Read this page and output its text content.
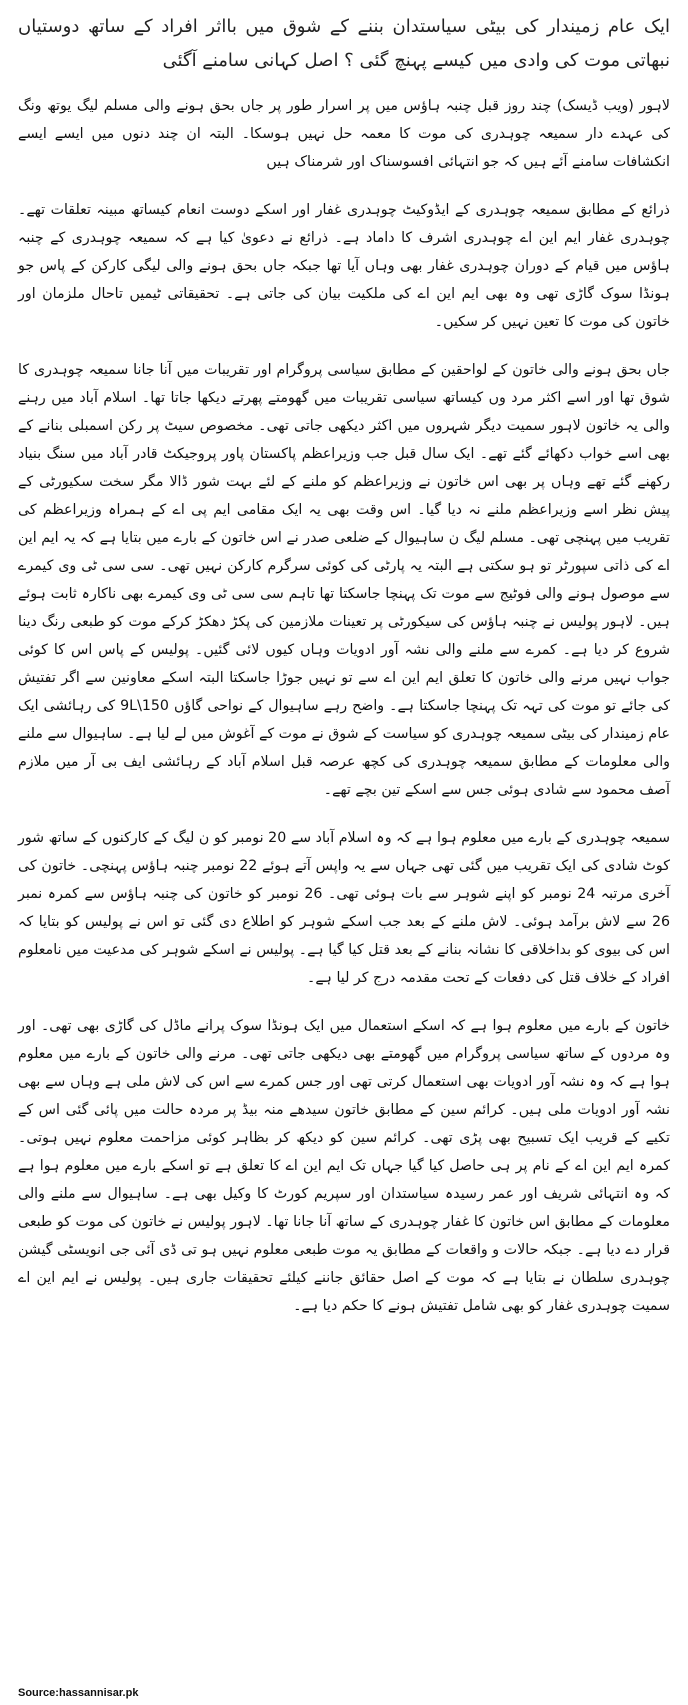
ایک عام زمیندار کی بیٹی سیاستدان بننے کے شوق میں بااثر افراد کے ساتھ دوستیاں نبھاتی موت کی وادی میں کیسے پہنچ گئی ؟ اصل کہانی سامنے آگئی

لاہور (ویب ڈیسک) چند روز قبل چنبہ ہاؤس میں پر اسرار طور پر جاں بحق ہونے والی مسلم لیگ یوتھ ونگ کی عہدے دار سمیعہ چوہدری کی موت کا معمہ حل نہیں ہوسکا۔ البتہ ان چند دنوں میں ایسے ایسے انکشافات سامنے آئے ہیں کہ جو انتہائی افسوسناک اور شرمناک ہیں

ذرائع کے مطابق سمیعہ چوہدری کے ایڈوکیٹ چوہدری غفار اور اسکے دوست انعام کیساتھ مبینہ تعلقات تھے۔ چوہدری غفار ایم این اے چوہدری اشرف کا داماد ہے۔ ذرائع نے دعویٰ کیا ہے کہ سمیعہ چوہدری کے چنبہ ہاؤس میں قیام کے دوران چوہدری غفار بھی وہاں آیا تھا جبکہ جاں بحق ہونے والی لیگی کارکن کے پاس جو ہونڈا سوک گاڑی تھی وہ بھی ایم این اے کی ملکیت بیان کی جاتی ہے۔ تحقیقاتی ٹیمیں تاحال ملزمان اور خاتون کی موت کا تعین نہیں کر سکیں۔

جاں بحق ہونے والی خاتون کے لواحقین کے مطابق سیاسی پروگرام اور تقریبات میں آنا جانا سمیعہ چوہدری کا شوق تھا اور اسے اکثر مرد وں کیساتھ سیاسی تقریبات میں گھومتے پھرتے دیکھا جاتا تھا۔ اسلام آباد میں رہنے والی یہ خاتون لاہور سمیت دیگر شہروں میں اکثر دیکھی جاتی تھی۔ مخصوص سیٹ پر رکن اسمبلی بنانے کے بھی اسے خواب دکھائے گئے تھے۔ ایک سال قبل جب وزیراعظم پاکستان پاور پروجیکٹ قادر آباد میں سنگ بنیاد رکھنے گئے تھے وہاں پر بھی اس خاتون نے وزیراعظم کو ملنے کے لئے بہت شور ڈالا مگر سخت سکیورٹی کے پیش نظر اسے وزیراعظم ملنے نہ دیا گیا۔ اس وقت بھی یہ ایک مقامی ایم پی اے کے ہمراہ وزیراعظم کی تقریب میں پہنچی تھی۔ مسلم لیگ ن ساہیوال کے ضلعی صدر نے اس خاتون کے بارے میں بتایا ہے کہ یہ ایم این اے کی ذاتی سپورٹر تو ہو سکتی ہے البتہ یہ پارٹی کی کوئی سرگرم کارکن نہیں تھی۔ سی سی ٹی وی کیمرے سے موصول ہونے والی فوٹیج سے موت تک پہنچا جاسکتا تھا تاہم سی سی ٹی وی کیمرے بھی ناکارہ ثابت ہوئے ہیں۔ لاہور پولیس نے چنبہ ہاؤس کی سیکورٹی پر تعینات ملازمین کی پکڑ دھکڑ کرکے موت کو طبعی رنگ دینا شروع کر دیا ہے۔ کمرے سے ملنے والی نشہ آور ادویات وہاں کیوں لائی گئیں۔ پولیس کے پاس اس کا کوئی جواب نہیں مرنے والی خاتون کا تعلق ایم این اے سے تو نہیں جوڑا جاسکتا البتہ اسکے معاونین سے اگر تفتیش کی جائے تو موت کی تہہ تک پہنچا جاسکتا ہے۔ واضح رہے ساہیوال کے نواحی گاؤں 9L\150 کی رہائشی ایک عام زمیندار کی بیٹی سمیعہ چوہدری کو سیاست کے شوق نے موت کے آغوش میں لے لیا ہے۔ ساہیوال سے ملنے والی معلومات کے مطابق سمیعہ چوہدری کی کچھ عرصہ قبل اسلام آباد کے رہائشی ایف بی آر میں ملازم آصف محمود سے شادی ہوئی جس سے اسکے تین بچے تھے۔

سمیعہ چوہدری کے بارے میں معلوم ہوا ہے کہ وہ اسلام آباد سے 20 نومبر کو ن لیگ کے کارکنوں کے ساتھ شور کوٹ شادی کی ایک تقریب میں گئی تھی جہاں سے یہ واپس آتے ہوئے 22 نومبر چنبہ ہاؤس پہنچی۔ خاتون کی آخری مرتبہ 24 نومبر کو اپنے شوہر سے بات ہوئی تھی۔ 26 نومبر کو خاتون کی چنبہ ہاؤس سے کمرہ نمبر 26 سے لاش برآمد ہوئی۔ لاش ملنے کے بعد جب اسکے شوہر کو اطلاع دی گئی تو اس نے پولیس کو بتایا کہ اس کی بیوی کو بداخلاقی کا نشانہ بنانے کے بعد قتل کیا گیا ہے۔ پولیس نے اسکے شوہر کی مدعیت میں نامعلوم افراد کے خلاف قتل کی دفعات کے تحت مقدمہ درج کر لیا ہے۔

خاتون کے بارے میں معلوم ہوا ہے کہ اسکے استعمال میں ایک ہونڈا سوک پرانے ماڈل کی گاڑی بھی تھی۔ اور وہ مردوں کے ساتھ سیاسی پروگرام میں گھومتے بھی دیکھی جاتی تھی۔ مرنے والی خاتون کے بارے میں معلوم ہوا ہے کہ وہ نشہ آور ادویات بھی استعمال کرتی تھی اور جس کمرے سے اس کی لاش ملی ہے وہاں سے بھی نشہ آور ادویات ملی ہیں۔ کرائم سین کے مطابق خاتون سیدھے منہ بیڈ پر مردہ حالت میں پائی گئی اس کے تکیے کے قریب ایک تسبیح بھی پڑی تھی۔ کرائم سین کو دیکھ کر بظاہر کوئی مزاحمت معلوم نہیں ہوتی۔ کمرہ ایم این اے کے نام پر ہی حاصل کیا گیا جہاں تک ایم این اے کا تعلق ہے تو اسکے بارے میں معلوم ہوا ہے کہ وہ انتہائی شریف اور عمر رسیدہ سیاستدان اور سپریم کورٹ کا وکیل بھی ہے۔ ساہیوال سے ملنے والی معلومات کے مطابق اس خاتون کا غفار چوہدری کے ساتھ آنا جانا تھا۔ لاہور پولیس نے خاتون کی موت کو طبعی قرار دے دیا ہے۔ جبکہ حالات و واقعات کے مطابق یہ موت طبعی معلوم نہیں ہو تی ڈی آئی جی انویسٹی گیشن چوہدری سلطان نے بتایا ہے کہ موت کے اصل حقائق جاننے کیلئے تحقیقات جاری ہیں۔ پولیس نے ایم این اے سمیت چوہدری غفار کو بھی شامل تفتیش ہونے کا حکم دیا ہے۔

Source:hassannisar.pk
